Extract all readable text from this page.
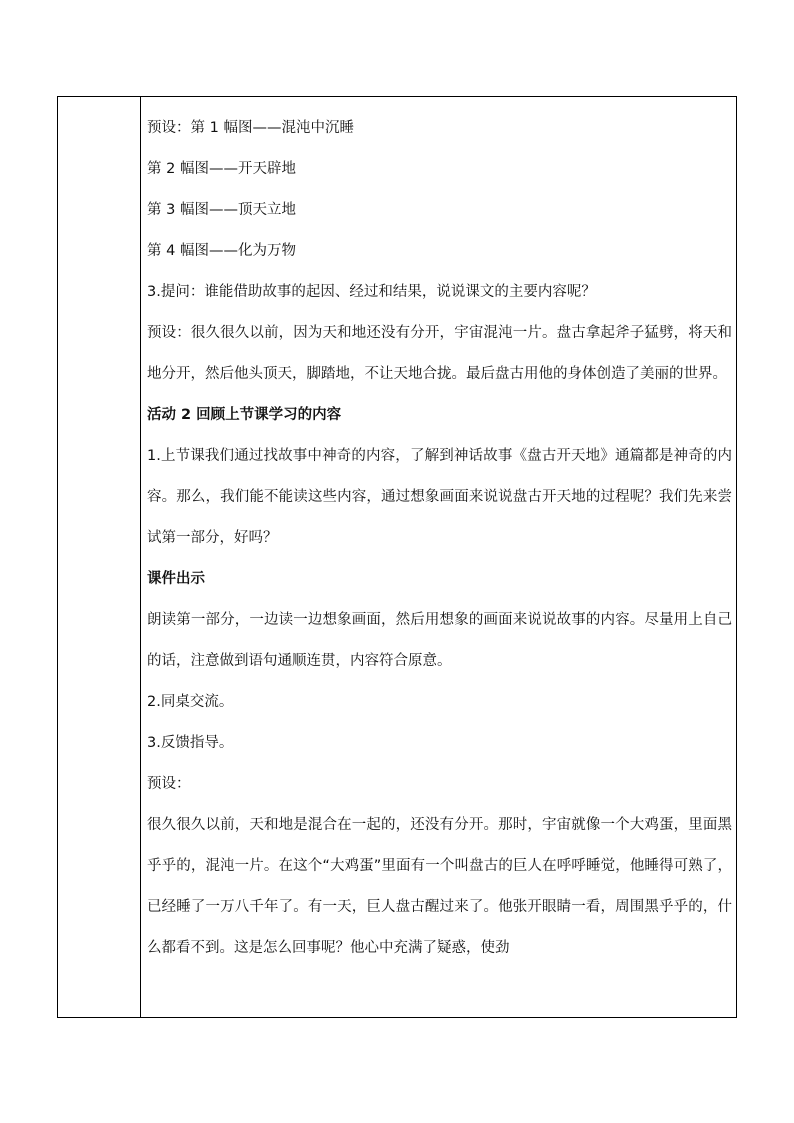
预设：第 1 幅图——混沌中沉睡

第 2 幅图——开天辟地

第 3 幅图——顶天立地

第 4 幅图——化为万物

3.提问：谁能借助故事的起因、经过和结果，说说课文的主要内容呢？

预设：很久很久以前，因为天和地还没有分开，宇宙混沌一片。盘古拿起斧子猛劈，将天和地分开，然后他头顶天，脚踏地，不让天地合拢。最后盘古用他的身体创造了美丽的世界。

活动 2 回顾上节课学习的内容

1.上节课我们通过找故事中神奇的内容，了解到神话故事《盘古开天地》通篇都是神奇的内容。那么，我们能不能读这些内容，通过想象画面来说说盘古开天地的过程呢？我们先来尝试第一部分，好吗？

课件出示

朗读第一部分，一边读一边想象画面，然后用想象的画面来说说故事的内容。尽量用上自己的话，注意做到语句通顺连贯，内容符合原意。

2.同桌交流。

3.反馈指导。

预设：

很久很久以前，天和地是混合在一起的，还没有分开。那时，宇宙就像一个大鸡蛋，里面黑乎乎的，混沌一片。在这个“大鸡蛋”里面有一个叫盘古的巨人在呼呼睡觉，他睡得可熟了，已经睡了一万八千年了。有一天，巨人盘古醒过来了。他张开眼睛一看，周围黑乎乎的，什么都看不到。这是怎么回事呢？他心中充满了疑惑，使劲
